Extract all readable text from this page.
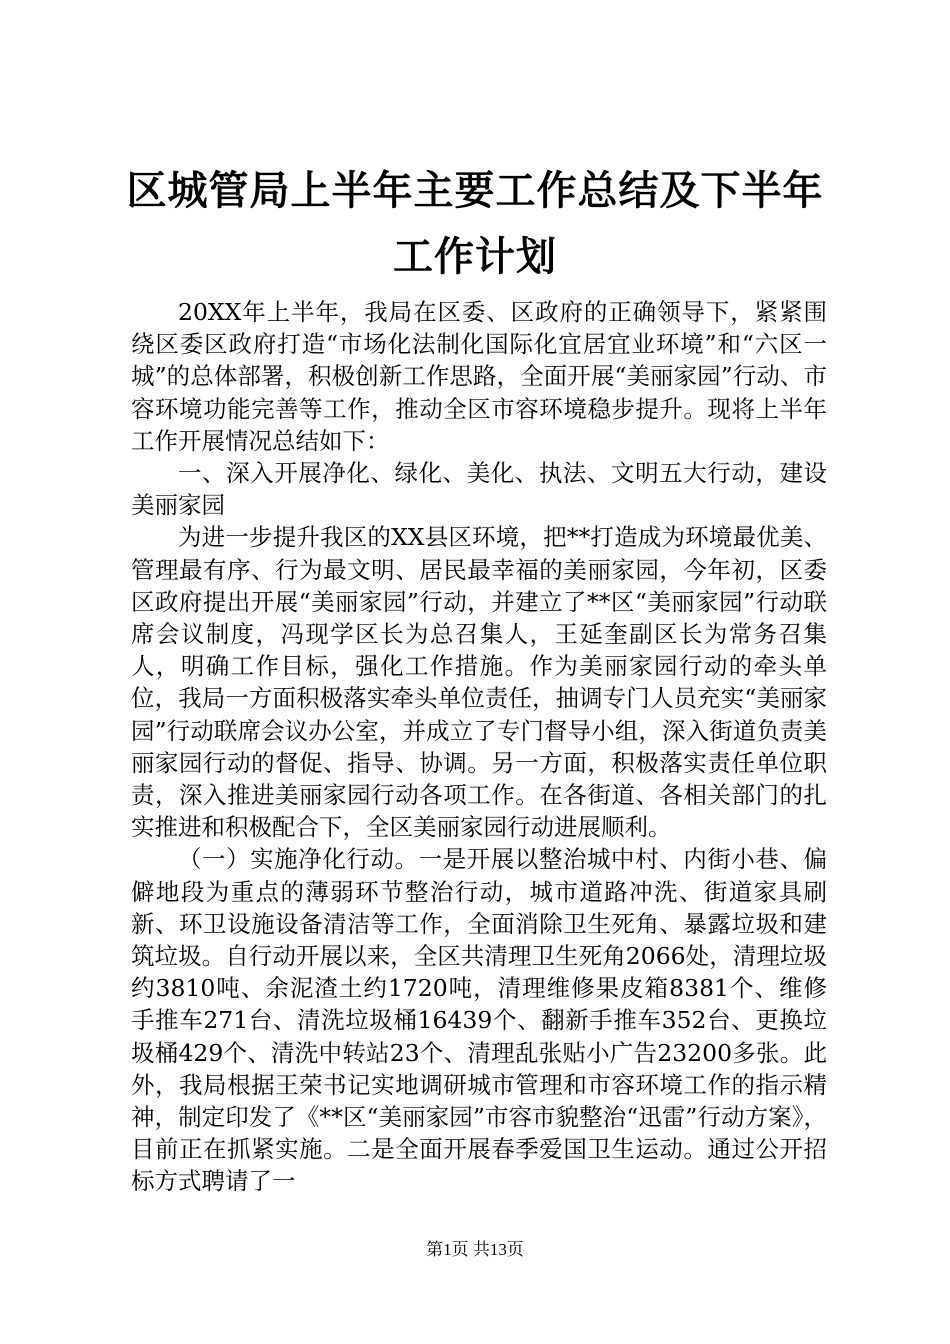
区城管局上半年主要工作总结及下半年工作计划

20XX年上半年，我局在区委、区政府的正确领导下，紧紧围绕区委区政府打造“市场化法制化国际化宜居宜业环境”和“六区一城”的总体部署，积极创新工作思路，全面开展“美丽家园”行动、市容环境功能完善等工作，推动全区市容环境稳步提升。现将上半年工作开展情况总结如下：

一、深入开展净化、绿化、美化、执法、文明五大行动，建设美丽家园

为进一步提升我区的XX县区环境，把**打造成为环境最优美、管理最有序、行为最文明、居民最幸福的美丽家园，今年初，区委区政府提出开展“美丽家园”行动，并建立了**区“美丽家园”行动联席会议制度，冯现学区长为总召集人，王延奎副区长为常务召集人，明确工作目标，强化工作措施。作为美丽家园行动的牵头单位，我局一方面积极落实牵头单位责任，抽调专门人员充实“美丽家园”行动联席会议办公室，并成立了专门督导小组，深入街道负责美丽家园行动的督促、指导、协调。另一方面，积极落实责任单位职责，深入推进美丽家园行动各项工作。在各街道、各相关部门的扎实推进和积极配合下，全区美丽家园行动进展顺利。

（一）实施净化行动。一是开展以整治城中村、内街小巷、偏僻地段为重点的薄弱环节整治行动，城市道路冲洗、街道家具刷新、环卫设施设备清洁等工作，全面消除卫生死角、暴露垃圾和建筑垃圾。自行动开展以来，全区共清理卫生死角2066处，清理垃圾约3810吨、余泥渣土约1720吨，清理维修果皮箱8381个、维修手推车271台、清洗垃圾桶16439个、翻新手推车352台、更换垃圾桶429个、清洗中转站23个、清理乱张贴小广告23200多张。此外，我局根据王荣书记实地调研城市管理和市容环境工作的指示精神，制定印发了《**区“美丽家园”市容市貌整治“迅雷”行动方案》，目前正在抓紧实施。二是全面开展春季爱国卫生运动。通过公开招标方式聘请了一

第1页 共13页
